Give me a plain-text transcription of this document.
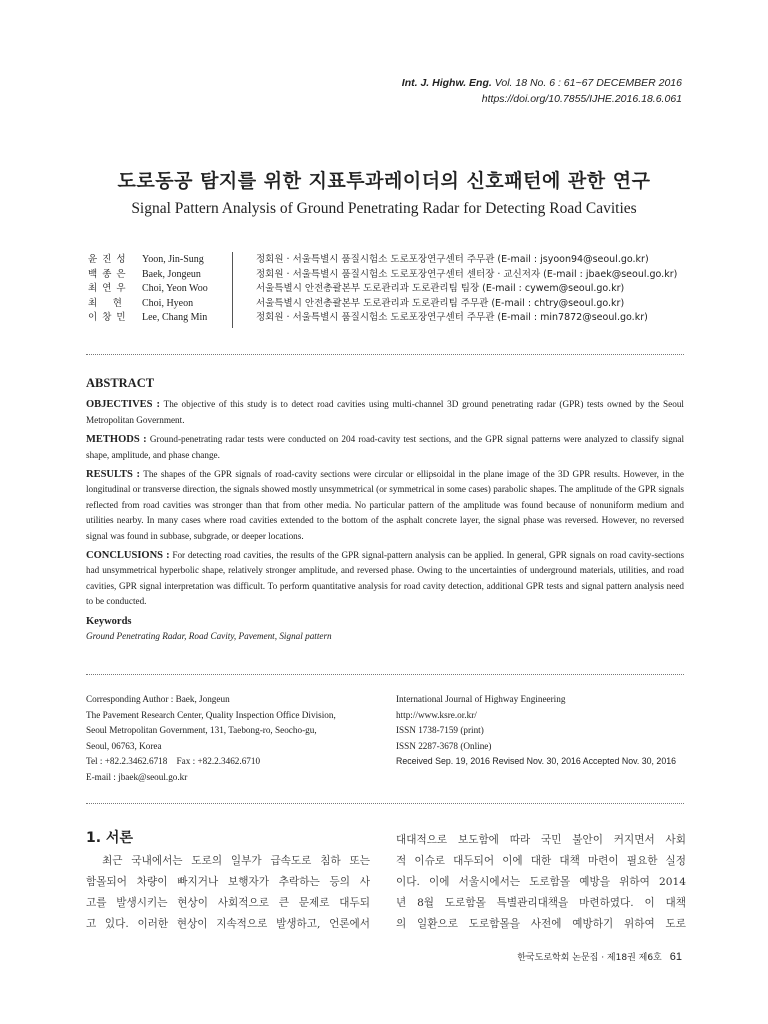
Int. J. Highw. Eng. Vol. 18 No. 6 : 61~67 DECEMBER 2016
https://doi.org/10.7855/IJHE.2016.18.6.061
도로동공 탐지를 위한 지표투과레이더의 신호패턴에 관한 연구
Signal Pattern Analysis of Ground Penetrating Radar for Detecting Road Cavities
윤 진 성	Yoon, Jin-Sung	정회원 · 서울특별시 품질시험소 도로포장연구센터 주무관 (E-mail : jsyoon94@seoul.go.kr)
백 종 은	Baek, Jongeun	정회원 · 서울특별시 품질시험소 도로포장연구센터 센터장 · 교신저자 (E-mail : jbaek@seoul.go.kr)
최 연 우	Choi, Yeon Woo	서울특별시 안전총괄본부 도로관리과 도로관리팀 팀장 (E-mail : cywem@seoul.go.kr)
최 　현	Choi, Hyeon	서울특별시 안전총괄본부 도로관리과 도로관리팀 주무관 (E-mail : chtry@seoul.go.kr)
이 창 민	Lee, Chang Min	정회원 · 서울특별시 품질시험소 도로포장연구센터 주무관 (E-mail : min7872@seoul.go.kr)
ABSTRACT

OBJECTIVES : The objective of this study is to detect road cavities using multi-channel 3D ground penetrating radar (GPR) tests owned by the Seoul Metropolitan Government.

METHODS : Ground-penetrating radar tests were conducted on 204 road-cavity test sections, and the GPR signal patterns were analyzed to classify signal shape, amplitude, and phase change.

RESULTS : The shapes of the GPR signals of road-cavity sections were circular or ellipsoidal in the plane image of the 3D GPR results. However, in the longitudinal or transverse direction, the signals showed mostly unsymmetrical (or symmetrical in some cases) parabolic shapes. The amplitude of the GPR signals reflected from road cavities was stronger than that from other media. No particular pattern of the amplitude was found because of nonuniform medium and utilities nearby. In many cases where road cavities extended to the bottom of the asphalt concrete layer, the signal phase was reversed. However, no reversed signal was found in subbase, subgrade, or deeper locations.

CONCLUSIONS : For detecting road cavities, the results of the GPR signal-pattern analysis can be applied. In general, GPR signals on road cavity-sections had unsymmetrical hyperbolic shape, relatively stronger amplitude, and reversed phase. Owing to the uncertainties of underground materials, utilities, and road cavities, GPR signal interpretation was difficult. To perform quantitative analysis for road cavity detection, additional GPR tests and signal pattern analysis need to be conducted.

Keywords
Ground Penetrating Radar, Road Cavity, Pavement, Signal pattern
Corresponding Author : Baek, Jongeun
The Pavement Research Center, Quality Inspection Office Division,
Seoul Metropolitan Government, 131, Taebong-ro, Seocho-gu,
Seoul, 06763, Korea
Tel : +82.2.3462.6718　Fax : +82.2.3462.6710
E-mail : jbaek@seoul.go.kr
International Journal of Highway Engineering
http://www.ksre.or.kr/
ISSN 1738-7159 (print)
ISSN 2287-3678 (Online)
Received Sep. 19, 2016 Revised Nov. 30, 2016 Accepted Nov. 30, 2016
1. 서론
　최근 국내에서는 도로의 일부가 급속도로 침하 또는
함몰되어 차량이 빠지거나 보행자가 추락하는 등의 사
고를 발생시키는 현상이 사회적으로 큰 문제로 대두되
고 있다. 이러한 현상이 지속적으로 발생하고, 언론에서
대대적으로 보도함에 따라 국민 불안이 커지면서 사회
적 이슈로 대두되어 이에 대한 대책 마련이 필요한 실정
이다. 이에 서울시에서는 도로함몰 예방을 위하여 2014
년 8월 도로함몰 특별관리대책을 마련하였다. 이 대책
의 일환으로 도로함몰을 사전에 예방하기 위하여 도로
한국도로학회 논문집 · 제18권 제6호 61
